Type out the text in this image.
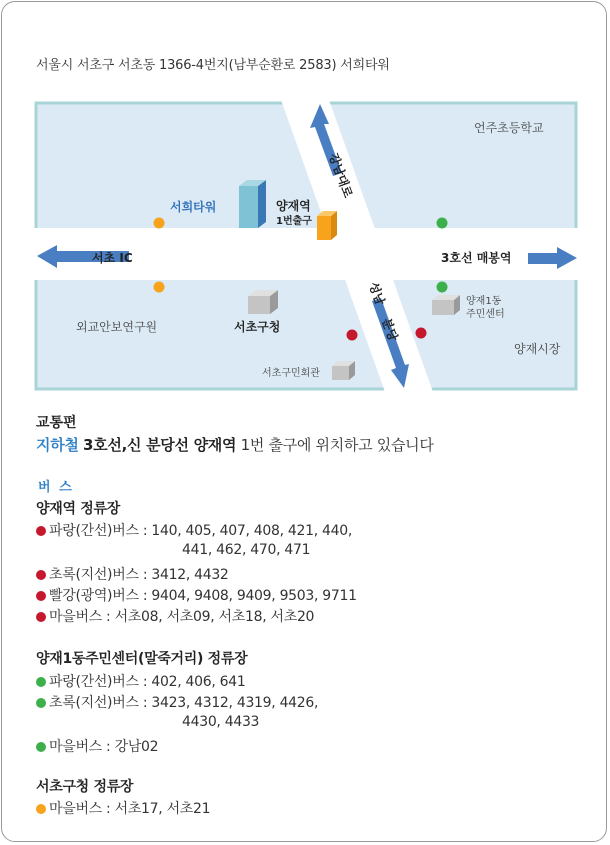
서울시 서초구 서초동 1366-4번지(남부순환로 2583) 서희타워
강남대로
성남
분당
서초 IC	3호선 매봉역
언주초등학교
서희타워	양재역
1번출구
외교안보연구원	서초구청
양재1동
주민센터
양재시장
서초구민회관
교통편
지하철 3호선,신 분당선 양재역 1번 출구에 위치하고 있습니다
버 스
양재역 정류장
파랑(간선)버스 : 140, 405, 407, 408, 421, 440,
441, 462, 470, 471
초록(지선)버스 : 3412, 4432
빨강(광역)버스 : 9404, 9408, 9409, 9503, 9711
마을버스 : 서초08, 서초09, 서초18, 서초20
양재1동주민센터(말죽거리) 정류장
파랑(간선)버스 : 402, 406, 641
초록(지선)버스 : 3423, 4312, 4319, 4426,
4430, 4433
마을버스 : 강남02
서초구청 정류장
마을버스 : 서초17, 서초21
